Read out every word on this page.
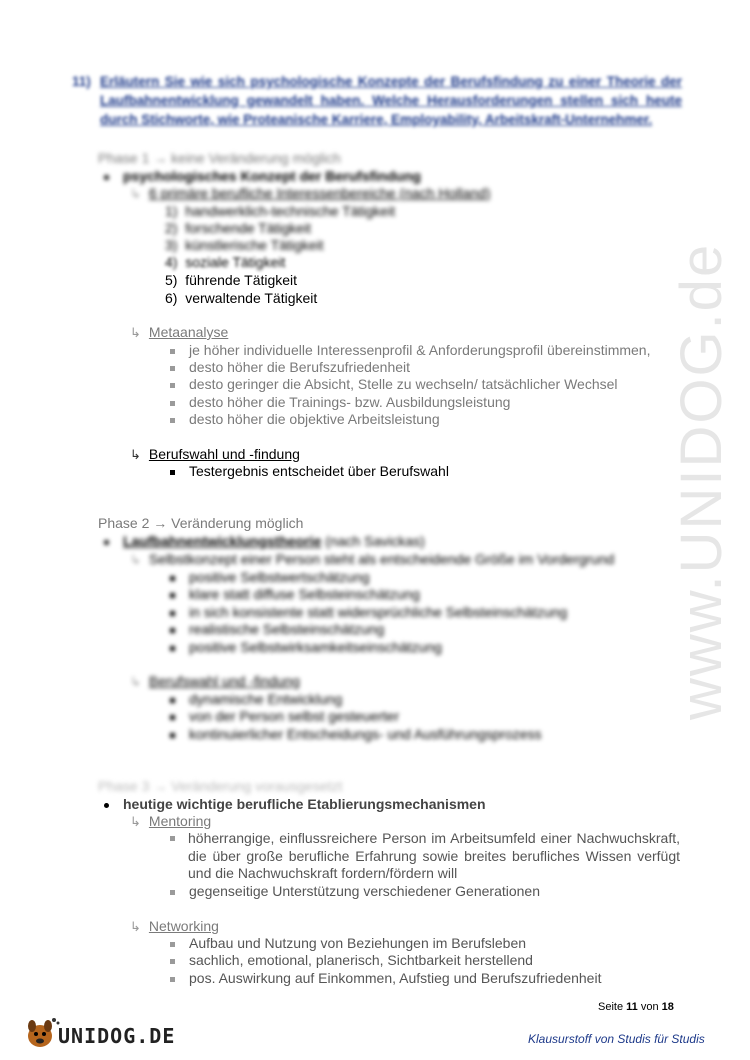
www.UNIDOG.de
11) Erläutern Sie wie sich psychologische Konzepte der Berufsfindung zu einer Theorie der Laufbahnentwicklung gewandelt haben. Welche Herausforderungen stellen sich heute durch Stichworte, wie Proteanische Karriere, Employability, Arbeitskraft-Unternehmer.
Phase 1 → keine Veränderung möglich
psychologisches Konzept der Berufsfindung
↳ 6 primäre berufliche Interessenbereiche (nach Holland)
1) handwerklich-technische Tätigkeit
2) forschende Tätigkeit
3) künstlerische Tätigkeit
4) soziale Tätigkeit
5) führende Tätigkeit
6) verwaltende Tätigkeit
↳ Metaanalyse
je höher individuelle Interessenprofil & Anforderungsprofil übereinstimmen,
desto höher die Berufszufriedenheit
desto geringer die Absicht, Stelle zu wechseln/ tatsächlicher Wechsel
desto höher die Trainings- bzw. Ausbildungsleistung
desto höher die objektive Arbeitsleistung
↳ Berufswahl und -findung
Testergebnis entscheidet über Berufswahl
Phase 2 → Veränderung möglich
Laufbahnentwicklungstheorie (nach Savickas)
↳ Selbstkonzept einer Person steht als entscheidende Größe im Vordergrund
positive Selbstwertschätzung
klare statt diffuse Selbsteinschätzung
in sich konsistente statt widersprüchliche Selbsteinschätzung
realistische Selbsteinschätzung
positive Selbstwirksamkeitseinschätzung
↳ Berufswahl und -findung
dynamische Entwicklung
von der Person selbst gesteuerter
kontinuierlicher Entscheidungs- und Ausführungsprozess
Phase 3 → Veränderung vorausgesetzt
heutige wichtige berufliche Etablierungsmechanismen
↳ Mentoring
höherrangige, einflussreichere Person im Arbeitsumfeld einer Nachwuchskraft, die über große berufliche Erfahrung sowie breites berufliches Wissen verfügt und die Nachwuchskraft fordern/fördern will
gegenseitige Unterstützung verschiedener Generationen
↳ Networking
Aufbau und Nutzung von Beziehungen im Berufsleben
sachlich, emotional, planerisch, Sichtbarkeit herstellend
pos. Auswirkung auf Einkommen, Aufstieg und Berufszufriedenheit
Seite 11 von 18
UNIDOG.DE	Klausurstoff von Studis für Studis
